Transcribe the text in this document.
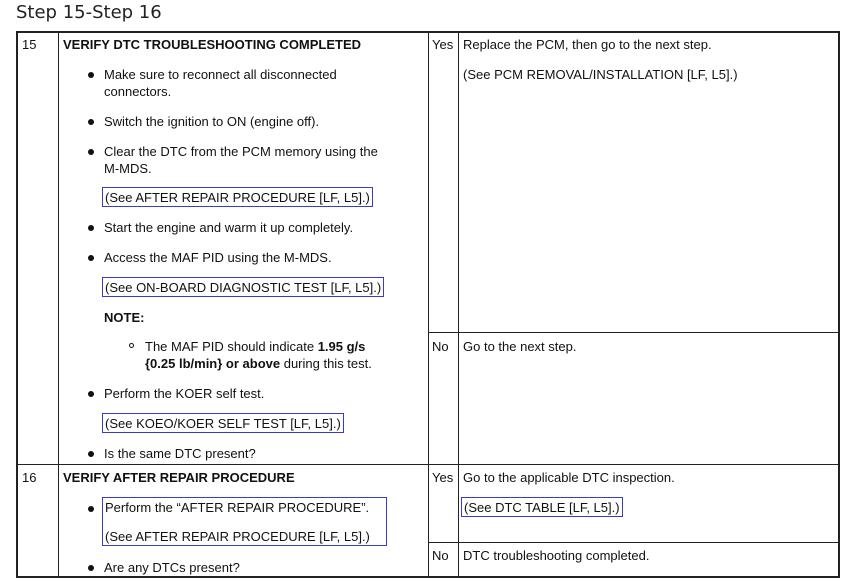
Step 15-Step 16
15 VERIFY DTC TROUBLESHOOTING COMPLETED
Make sure to reconnect all disconnected
connectors.
Switch the ignition to ON (engine off).
Clear the DTC from the PCM memory using the
M-MDS.
(See AFTER REPAIR PROCEDURE [LF, L5].)
Start the engine and warm it up completely.
Access the MAF PID using the M-MDS.
(See ON-BOARD DIAGNOSTIC TEST [LF, L5].)
NOTE:
The MAF PID should indicate 1.95 g/s
{0.25 lb/min} or above during this test.
Perform the KOER self test.
(See KOEO/KOER SELF TEST [LF, L5].)
Is the same DTC present?
Yes Replace the PCM, then go to the next step.
(See PCM REMOVAL/INSTALLATION [LF, L5].)
No Go to the next step.
16 VERIFY AFTER REPAIR PROCEDURE
Perform the “AFTER REPAIR PROCEDURE”.
(See AFTER REPAIR PROCEDURE [LF, L5].)
Are any DTCs present?
Yes Go to the applicable DTC inspection.
(See DTC TABLE [LF, L5].)
No DTC troubleshooting completed.
